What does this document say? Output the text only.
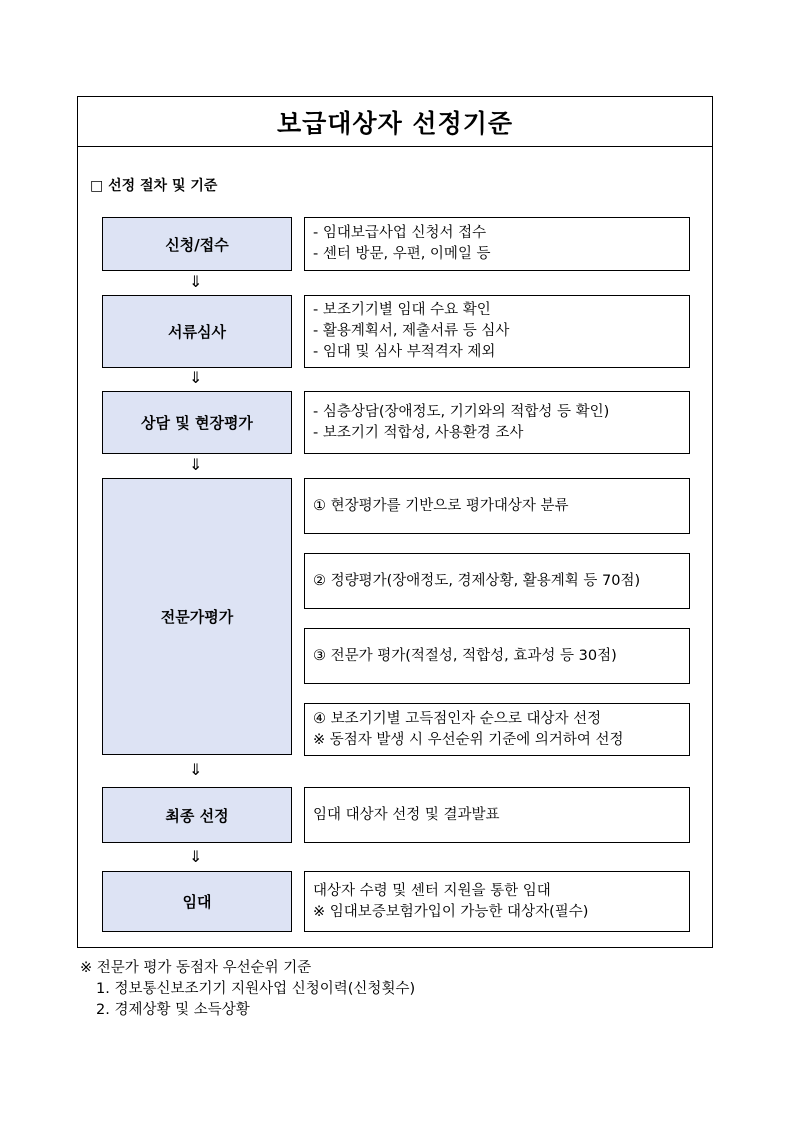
보급대상자 선정기준
□ 선정 절차 및 기준
신청/접수
- 임대보급사업 신청서 접수
- 센터 방문, 우편, 이메일 등
⇓
서류심사
- 보조기기별 임대 수요 확인
- 활용계획서, 제출서류 등 심사
- 임대 및 심사 부적격자 제외
⇓
상담 및 현장평가
- 심층상담(장애정도, 기기와의 적합성 등 확인)
- 보조기기 적합성, 사용환경 조사
⇓
전문가평가
① 현장평가를 기반으로 평가대상자 분류
② 정량평가(장애정도, 경제상황, 활용계획 등 70점)
③ 전문가 평가(적절성, 적합성, 효과성 등 30점)
④ 보조기기별 고득점인자 순으로 대상자 선정
※ 동점자 발생 시 우선순위 기준에 의거하여 선정
⇓
최종 선정	임대 대상자 선정 및 결과발표
⇓
임대
대상자 수령 및 센터 지원을 통한 임대
※ 임대보증보험가입이 가능한 대상자(필수)
※ 전문가 평가 동점자 우선순위 기준
1. 정보통신보조기기 지원사업 신청이력(신청횟수)
2. 경제상황 및 소득상황
